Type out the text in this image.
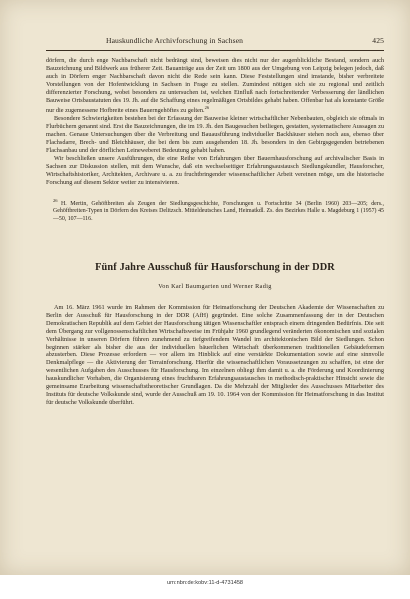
Hauskundliche Archivforschung in Sachsen	425

dörfern, die durch enge Nachbarschaft nicht bedrängt sind, beweisen dies nicht nur der augenblickliche Bestand, sondern auch Bauzeichnung und Bildwerk aus früherer Zeit. Bauanträge aus der Zeit um 1800 aus der Umgebung von Leipzig belegen jedoch, daß auch in Dörfern enger Nachbarschaft davon nicht die Rede sein kann. Diese Feststellungen sind imstande, bisher verbreitete Vorstellungen von der Hofentwicklung in Sachsen in Frage zu stellen. Zumindest nötigen sich sie zu regional und zeitlich differenzierter Forschung, wobei besonders zu untersuchen ist, welchen Einfluß nach fortschreitender Verbesserung der ländlichen Bauweise Ortsbaustatuten des 19. Jh. auf die Schaffung eines regelmäßigen Ortsbildes gehabt haben. Offenbar hat als konstante Größe nur die zugemessene Hofbreite eines Bauerngehöftes zu gelten.$^{26}$

Besondere Schwierigkeiten bestehen bei der Erfassung der Bauweise kleiner wirtschaftlicher Nebenbauten, obgleich sie oftmals in Flurbüchern genannt sind. Erst die Bauzeichnungen, die im 19. Jh. den Baugesuchen beiliegen, gestatten, systematischere Aussagen zu machen. Genaue Untersuchungen über die Verbreitung und Bauausführung individueller Backhäuser stehen noch aus, ebenso über Flachsdarre, Brech- und Bleichhäuser, die bei dem bis zum ausgehenden 18. Jh. besonders in den Gebirgsgegenden betriebenen Flachsanbau und der dörflichen Leineweberei Bedeutung gehabt haben.

Wir beschließen unsere Ausführungen, die eine Reihe von Erfahrungen über Bauernhausforschung auf archivalischer Basis in Sachsen zur Diskussion stellen, mit dem Wunsche, daß ein wechselseitiger Erfahrungsaustausch Siedlungskundler, Hausforscher, Wirtschaftshistoriker, Architekten, Archivare u. a. zu fruchtbringender wissenschaftlicher Arbeit vereinen möge, um die historische Forschung auf diesem Sektor weiter zu intensivieren.

$^{26}$ H. Mertin, Gehöftbreiten als Zeugen der Siedlungsgeschichte, Forschungen u. Fortschritte 34 (Berlin 1960) 203—205; ders., Gehöftbreiten-Typen in Dörfern des Kreises Delitzsch. Mitteldeutsches Land, Heimatkdl. Zs. des Bezirkes Halle u. Magdeburg 1 (1957) 45—50, 107—116.
Fünf Jahre Ausschuß für Hausforschung in der DDR
Von Karl Baumgarten und Werner Radig
Am 16. März 1961 wurde im Rahmen der Kommission für Heimatforschung der Deutschen Akademie der Wissenschaften zu Berlin der Ausschuß für Hausforschung in der DDR (AfH) gegründet. Eine solche Zusammenfassung der in der Deutschen Demokratischen Republik auf dem Gebiet der Hausforschung tätigen Wissenschaftler entsprach einem dringenden Bedürfnis. Die seit dem Übergang zur vollgenossenschaftlichen Wirtschaftsweise im Frühjahr 1960 grundlegend veränderten ökonomischen und sozialen Verhältnisse in unseren Dörfern führen zunehmend zu tiefgreifendem Wandel im architektonischen Bild der Siedlungen. Schon beginnen stärker als bisher die aus der individuellen bäuerlichen Wirtschaft überkommenen traditionellen Gebäudeformen abzusterben. Diese Prozesse erfordern — vor allem im Hinblick auf eine verstärkte Dokumentation sowie auf eine sinnvolle Denkmalpflege — die Aktivierung der Terrainforschung. Hierfür die wissenschaftlichen Voraussetzungen zu schaffen, ist eine der wesentlichen Aufgaben des Ausschusses für Hausforschung. Im einzelnen obliegt ihm damit u. a. die Förderung und Koordinierung hauskundlicher Vorhaben, die Organisierung eines fruchtbaren Erfahrungsaustausches in methodisch-praktischer Hinsicht sowie die gemeinsame Erarbeitung wissenschaftstheoretischer Grundlagen. Da die Mehrzahl der Mitglieder des Ausschusses Mitarbeiter des Instituts für deutsche Volkskunde sind, wurde der Ausschuß am 19. 10. 1964 von der Kommission für Heimatforschung in das Institut für deutsche Volkskunde überführt.
urn:nbn:de:kobv:11-d-4731458
